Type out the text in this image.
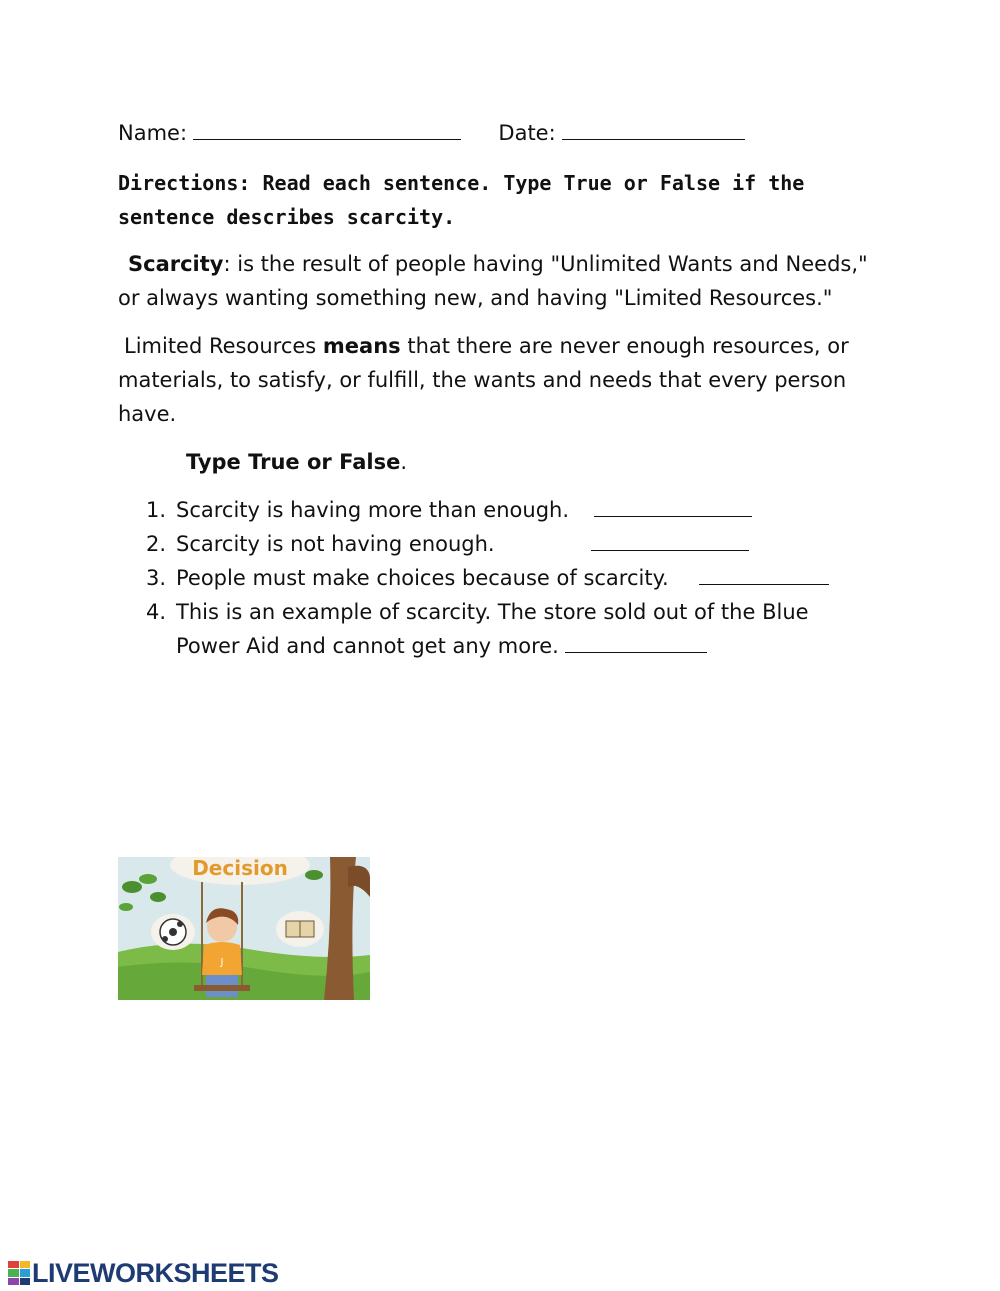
Name:	Date:
Directions: Read each sentence. Type True or False if the
sentence describes scarcity.
Scarcity: is the result of people having "Unlimited Wants and Needs,"
or always wanting something new, and having "Limited Resources."
Limited Resources means that there are never enough resources, or
materials, to satisfy, or fulfill, the wants and needs that every person
have.
Type True or False.
1. Scarcity is having more than enough.
2. Scarcity is not having enough.
3. People must make choices because of scarcity.
4. This is an example of scarcity. The store sold out of the Blue
Power Aid and cannot get any more.
Decision
J
LIVEWORKSHEETS
